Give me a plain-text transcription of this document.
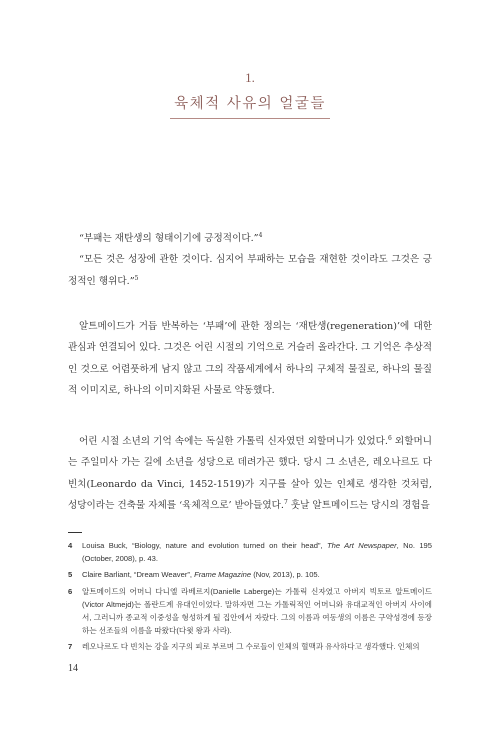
1.
육체적 사유의 얼굴들

“부패는 재탄생의 형태이기에 긍정적이다.”$^4$

“모든 것은 성장에 관한 것이다. 심지어 부패하는 모습을 재현한 것이라도 그것은 긍정적인 행위다.”$^5$

알트메이드가 거듭 반복하는 ‘부패’에 관한 정의는 ‘재탄생(regeneration)’에 대한 관심과 연결되어 있다. 그것은 어린 시절의 기억으로 거슬러 올라간다. 그 기억은 추상적인 것으로 어렴풋하게 남지 않고 그의 작품세계에서 하나의 구체적 물질로, 하나의 물질적 이미지로, 하나의 이미지화된 사물로 약동했다.

어린 시절 소년의 기억 속에는 독실한 가톨릭 신자였던 외할머니가 있었다.$^6$ 외할머니는 주일미사 가는 길에 소년을 성당으로 데려가곤 했다. 당시 그 소년은, 레오나르도 다 빈치(Leonardo da Vinci, 1452-1519)가 지구를 살아 있는 인체로 생각한 것처럼, 성당이라는 건축물 자체를 ‘육체적으로’ 받아들였다.$^7$ 훗날 알트메이드는 당시의 경험을

4	Louisa Buck, “Biology, nature and evolution turned on their head”, The Art Newspaper, No. 195 (October, 2008), p. 43.
5	Claire Barliant, “Dream Weaver”, Frame Magazine (Nov, 2013), p. 105.
6	알트메이드의 어머니 다니엘 라베르지(Danielle Laberge)는 가톨릭 신자였고 아버지 빅토르 알트메이드(Victor Altmejd)는 폴란드계 유대인이었다. 말하자면 그는 가톨릭적인 어머니와 유대교적인 아버지 사이에서, 그러니까 종교적 이중성을 형성하게 될 집안에서 자랐다. 그의 이름과 여동생의 이름은 구약성경에 등장하는 선조들의 이름을 따왔다(다윗 왕과 사라).
7	레오나르도 다 빈치는 강을 지구의 피로 부르며 그 수로들이 인체의 혈맥과 유사하다고 생각했다. 인체의
14
